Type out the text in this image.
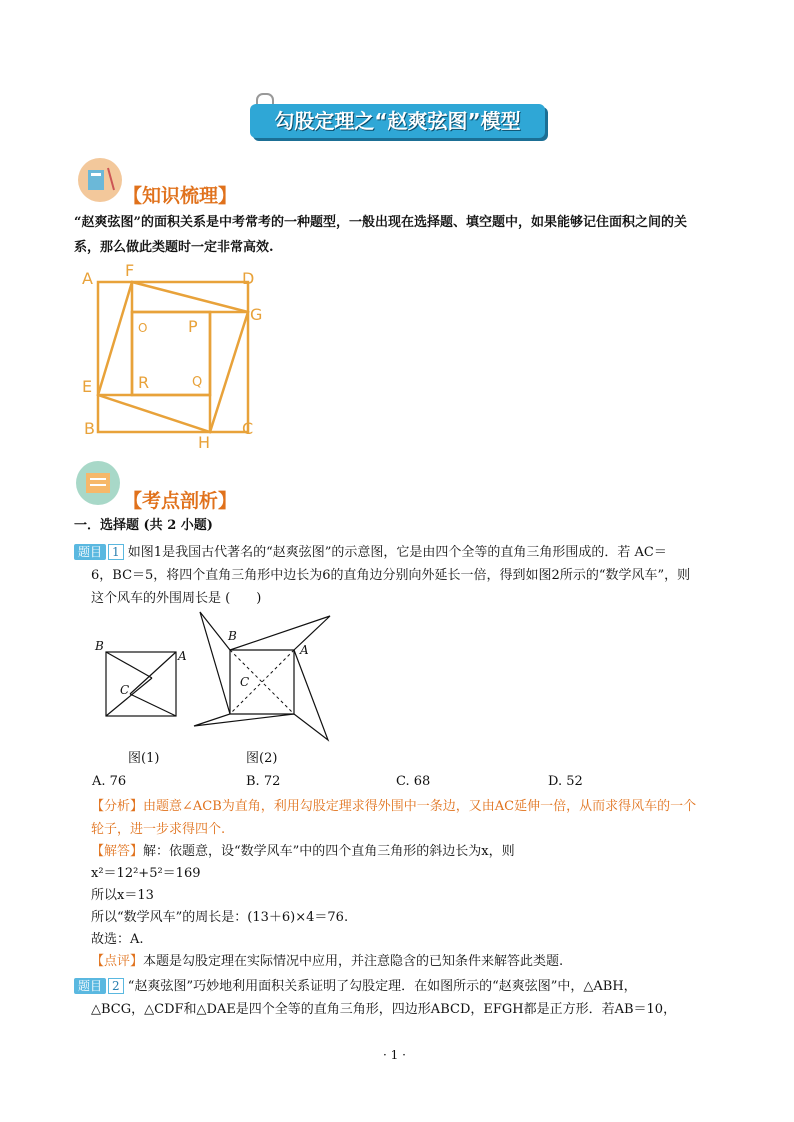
勾股定理之“赵爽弦图”模型
【知识梳理】
“赵爽弦图”的面积关系是中考常考的一种题型，一般出现在选择题、填空题中，如果能够记住面积之间的关
系，那么做此类题时一定非常高效.
A F	D
G
O	P
E	R	Q
B
H
C
【考点剖析】
一．选择题 (共 2 小题)
题目 1 如图1是我国古代著名的“赵爽弦图”的示意图，它是由四个全等的直角三角形围成的．若 AC＝
6，BC＝5，将四个直角三角形中边长为6的直角边分别向外延长一倍，得到如图2所示的“数学风车”，则
这个风车的外围周长是 (　　)
B
A
C
图(1)
B
A
C
图(2)
A. 76	B. 72	C. 68	D. 52
【分析】由题意∠ACB为直角，利用勾股定理求得外围中一条边，又由AC延伸一倍，从而求得风车的一个
轮子，进一步求得四个.
【解答】解：依题意，设“数学风车”中的四个直角三角形的斜边长为x，则
x²＝12²+5²＝169
所以x＝13
所以“数学风车”的周长是：(13＋6)×4＝76.
故选：A.
【点评】本题是勾股定理在实际情况中应用，并注意隐含的已知条件来解答此类题.
题目 2 “赵爽弦图”巧妙地利用面积关系证明了勾股定理．在如图所示的“赵爽弦图”中，△ABH，
△BCG，△CDF和△DAE是四个全等的直角三角形，四边形ABCD，EFGH都是正方形．若AB＝10，
· 1 ·
